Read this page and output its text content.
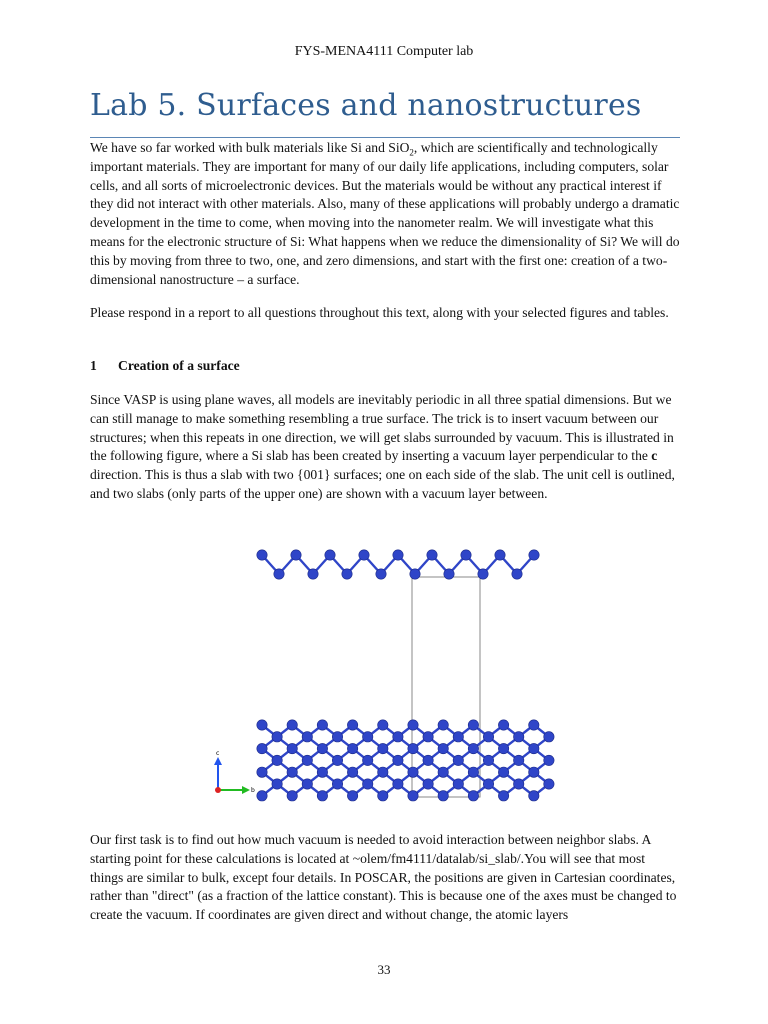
FYS-MENA4111 Computer lab
Lab 5. Surfaces and nanostructures

We have so far worked with bulk materials like Si and SiO$_2$, which are scientifically and technologically important materials. They are important for many of our daily life applications, including computers, solar cells, and all sorts of microelectronic devices. But the materials would be without any practical interest if they did not interact with other materials. Also, many of these applications will probably undergo a dramatic development in the time to come, when moving into the nanometer realm. We will investigate what this means for the electronic structure of Si: What happens when we reduce the dimensionality of Si? We will do this by moving from three to two, one, and zero dimensions, and start with the first one: creation of a two-dimensional nanostructure – a surface.

Please respond in a report to all questions throughout this text, along with your selected figures and tables.

1 Creation of a surface

Since VASP is using plane waves, all models are inevitably periodic in all three spatial dimensions. But we can still manage to make something resembling a true surface. The trick is to insert vacuum between our structures; when this repeats in one direction, we will get slabs surrounded by vacuum. This is illustrated in the following figure, where a Si slab has been created by inserting a vacuum layer perpendicular to the c direction. This is thus a slab with two {001} surfaces; one on each side of the slab. The unit cell is outlined, and two slabs (only parts of the upper one) are shown with a vacuum layer between.

c
b

Our first task is to find out how much vacuum is needed to avoid interaction between neighbor slabs. A starting point for these calculations is located at ~olem/fm4111/datalab/si_slab/.You will see that most things are similar to bulk, except four details. In POSCAR, the positions are given in Cartesian coordinates, rather than "direct" (as a fraction of the lattice constant). This is because one of the axes must be changed to create the vacuum. If coordinates are given direct and without change, the atomic layers

33
